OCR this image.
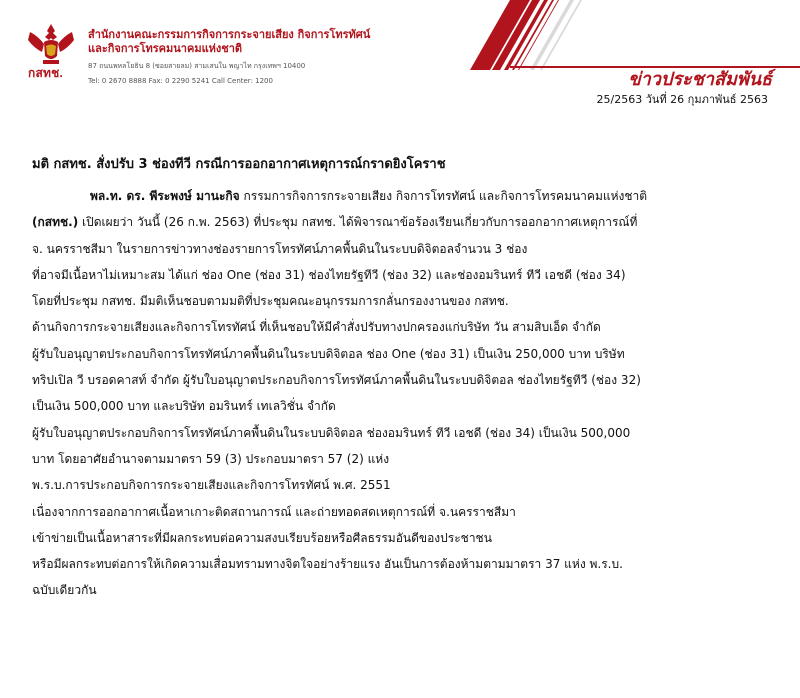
กสทช.

สำนักงานคณะกรรมการกิจการกระจายเสียง กิจการโทรทัศน์

และกิจการโทรคมนาคมแห่งชาติ

87 ถนนพหลโยธิน 8 (ซอยสายลม) สามเสนใน พญาไท กรุงเทพฯ 10400
Tel: 0 2670 8888 Fax: 0 2290 5241 Call Center: 1200	ข่าวประชาสัมพันธ์
25/2563 วันที่ 26 กุมภาพันธ์ 2563
มติ กสทช. สั่งปรับ 3 ช่องทีวี กรณีการออกอากาศเหตุการณ์กราดยิงโคราช
พล.ท. ดร. พีระพงษ์ มานะกิจ กรรมการกิจการกระจายเสียง กิจการโทรทัศน์ และกิจการโทรคมนาคมแห่งชาติ
(กสทช.) เปิดเผยว่า วันนี้ (26 ก.พ. 2563) ที่ประชุม กสทช. ได้พิจารณาข้อร้องเรียนเกี่ยวกับการออกอากาศเหตุการณ์ที่
จ. นครราชสีมา ในรายการข่าวทางช่องรายการโทรทัศน์ภาคพื้นดินในระบบดิจิตอลจำนวน 3 ช่อง
ที่อาจมีเนื้อหาไม่เหมาะสม ได้แก่ ช่อง One (ช่อง 31) ช่องไทยรัฐทีวี (ช่อง 32) และช่องอมรินทร์ ทีวี เอชดี (ช่อง 34)
โดยที่ประชุม กสทช. มีมติเห็นชอบตามมติที่ประชุมคณะอนุกรรมการกลั่นกรองงานของ กสทช.
ด้านกิจการกระจายเสียงและกิจการโทรทัศน์ ที่เห็นชอบให้มีคำสั่งปรับทางปกครองแก่บริษัท วัน สามสิบเอ็ด จำกัด
ผู้รับใบอนุญาตประกอบกิจการโทรทัศน์ภาคพื้นดินในระบบดิจิตอล ช่อง One (ช่อง 31) เป็นเงิน 250,000 บาท บริษัท
ทริปเปิล วี บรอดคาสท์ จำกัด ผู้รับใบอนุญาตประกอบกิจการโทรทัศน์ภาคพื้นดินในระบบดิจิตอล ช่องไทยรัฐทีวี (ช่อง 32)
เป็นเงิน 500,000 บาท และบริษัท อมรินทร์ เทเลวิชั่น จำกัด
ผู้รับใบอนุญาตประกอบกิจการโทรทัศน์ภาคพื้นดินในระบบดิจิตอล ช่องอมรินทร์ ทีวี เอชดี (ช่อง 34) เป็นเงิน 500,000
บาท โดยอาศัยอำนาจตามมาตรา 59 (3) ประกอบมาตรา 57 (2) แห่ง
พ.ร.บ.การประกอบกิจการกระจายเสียงและกิจการโทรทัศน์ พ.ศ. 2551
เนื่องจากการออกอากาศเนื้อหาเกาะติดสถานการณ์ และถ่ายทอดสดเหตุการณ์ที่ จ.นครราชสีมา
เข้าข่ายเป็นเนื้อหาสาระที่มีผลกระทบต่อความสงบเรียบร้อยหรือศีลธรรมอันดีของประชาชน
หรือมีผลกระทบต่อการให้เกิดความเสื่อมทรามทางจิตใจอย่างร้ายแรง อันเป็นการต้องห้ามตามมาตรา 37 แห่ง พ.ร.บ.
ฉบับเดียวกัน
